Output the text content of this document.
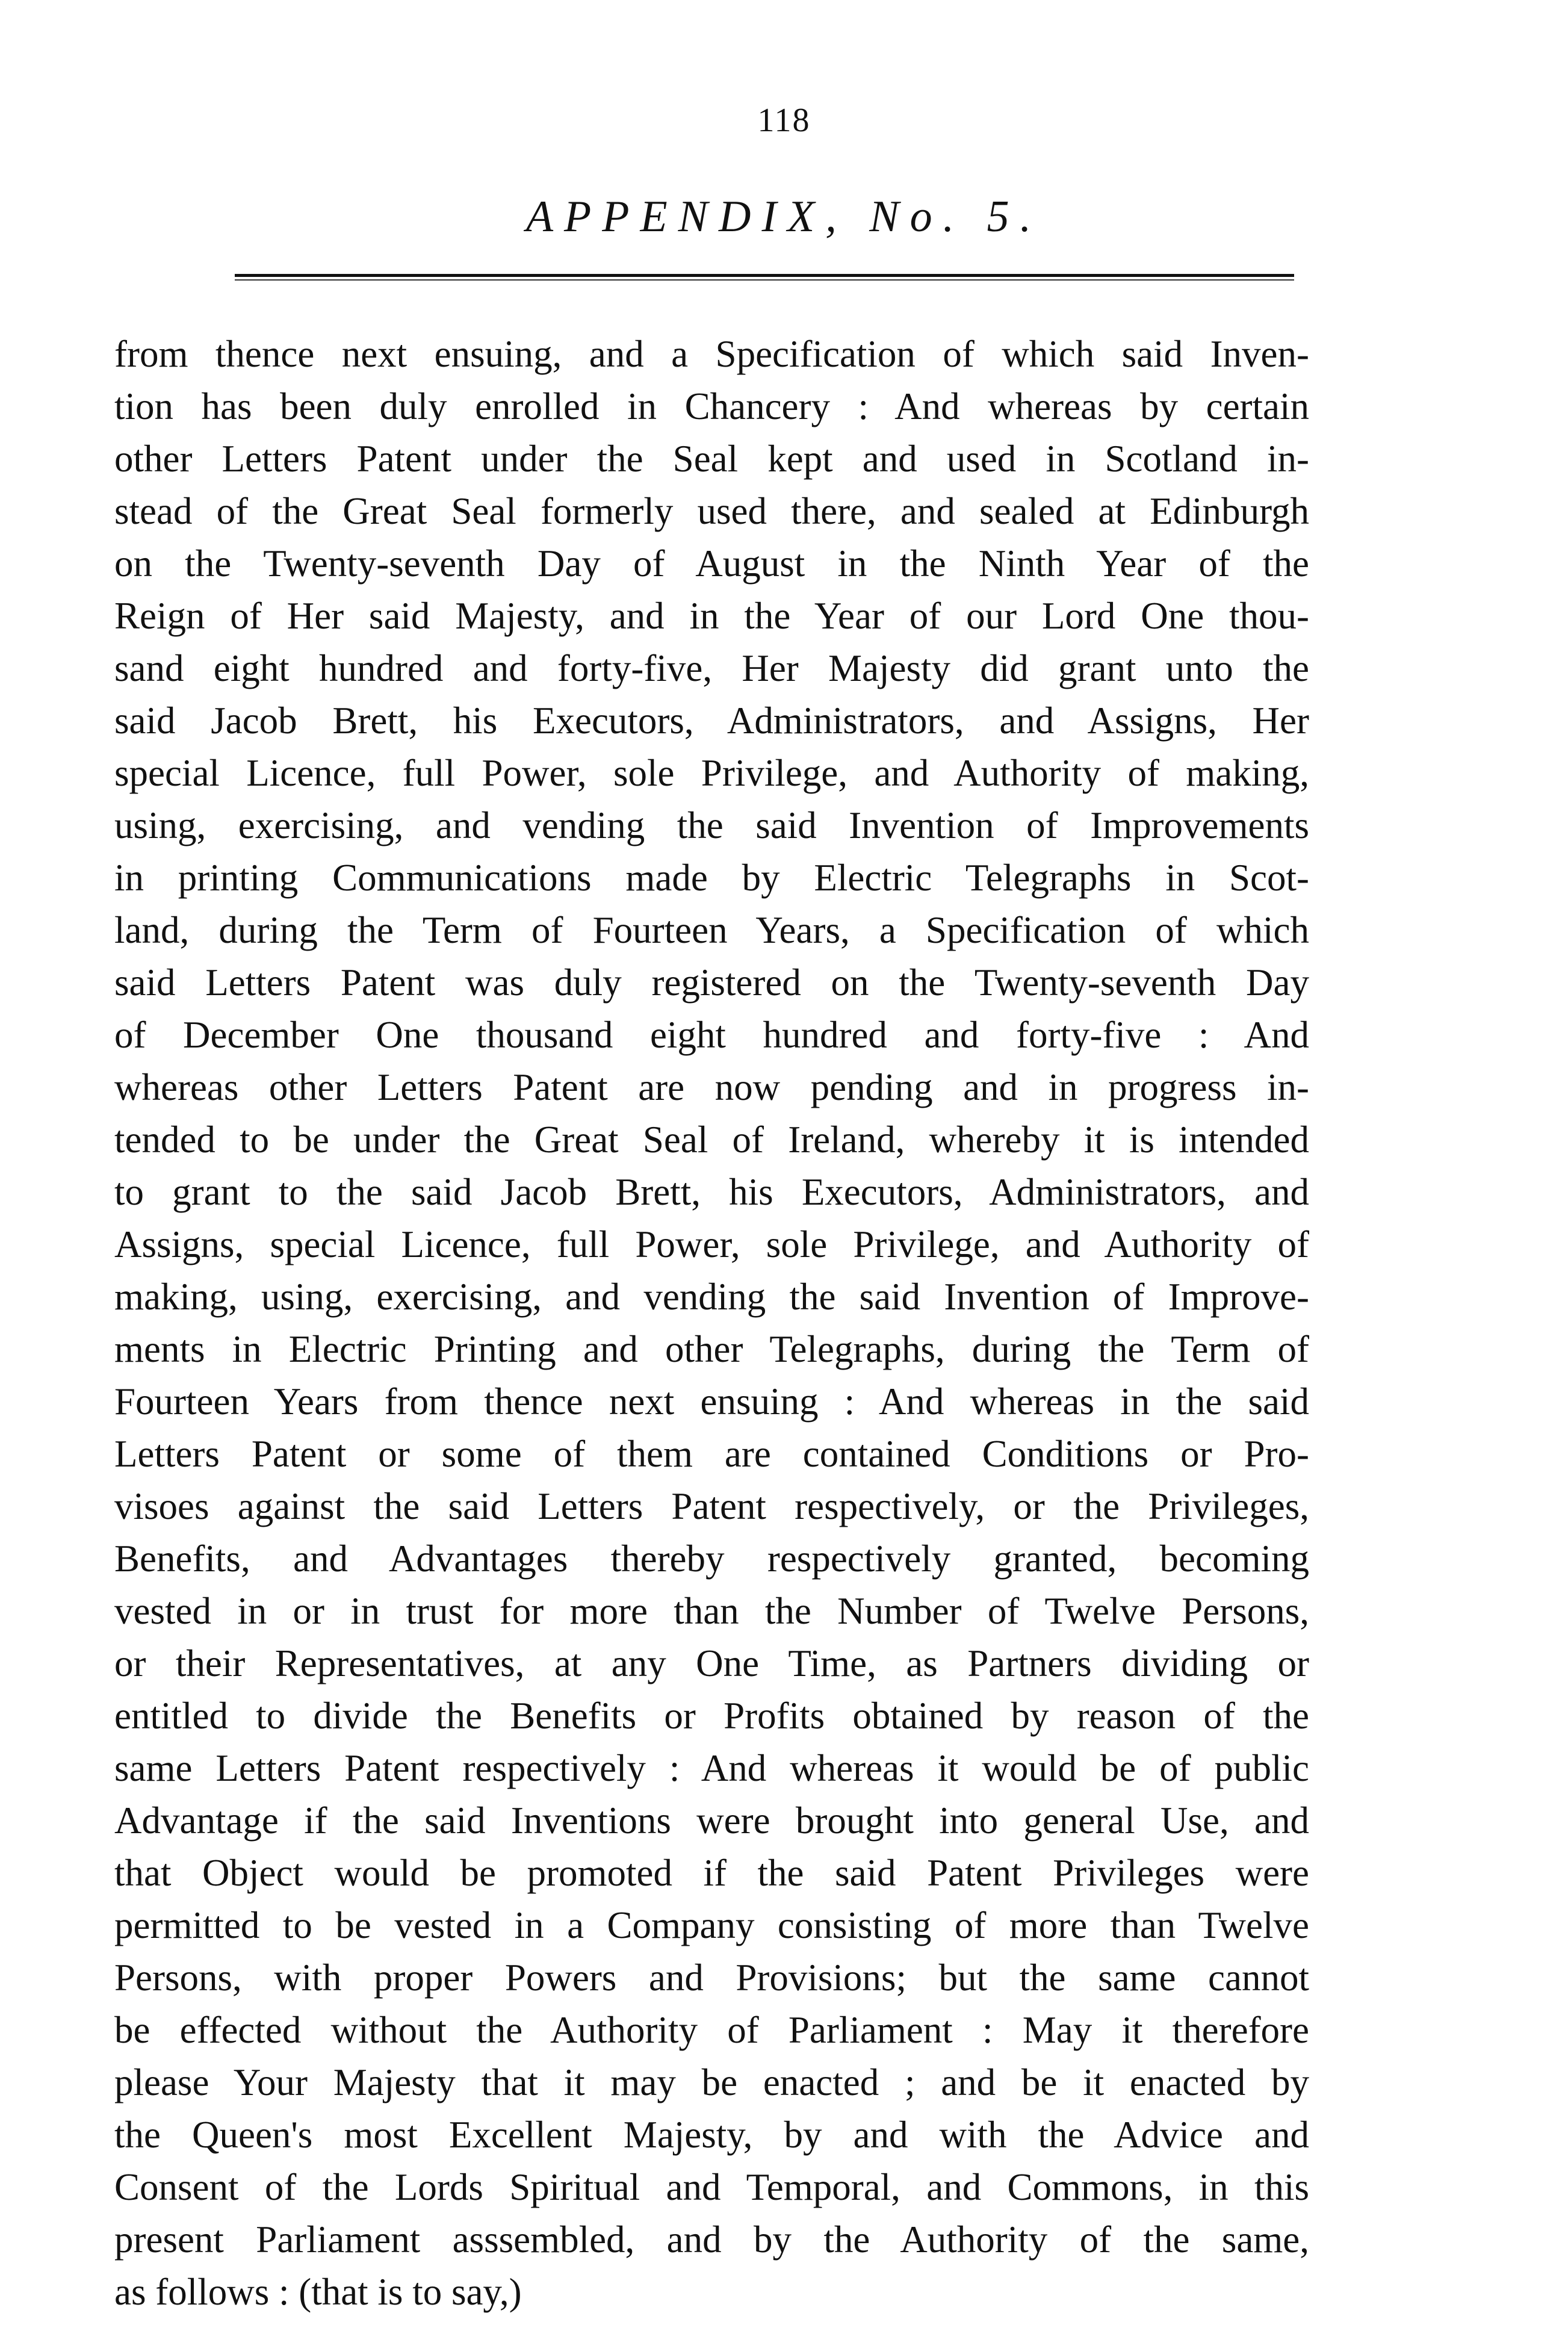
118
APPENDIX, No. 5.
from thence next ensuing, and a Specification of which said Inven-
tion has been duly enrolled in Chancery : And whereas by certain
other Letters Patent under the Seal kept and used in Scotland in-
stead of the Great Seal formerly used there, and sealed at Edinburgh
on the Twenty-seventh Day of August in the Ninth Year of the
Reign of Her said Majesty, and in the Year of our Lord One thou-
sand eight hundred and forty-five, Her Majesty did grant unto the
said Jacob Brett, his Executors, Administrators, and Assigns, Her
special Licence, full Power, sole Privilege, and Authority of making,
using, exercising, and vending the said Invention of Improvements
in printing Communications made by Electric Telegraphs in Scot-
land, during the Term of Fourteen Years, a Specification of which
said Letters Patent was duly registered on the Twenty-seventh Day
of December One thousand eight hundred and forty-five : And
whereas other Letters Patent are now pending and in progress in-
tended to be under the Great Seal of Ireland, whereby it is intended
to grant to the said Jacob Brett, his Executors, Administrators, and
Assigns, special Licence, full Power, sole Privilege, and Authority of
making, using, exercising, and vending the said Invention of Improve-
ments in Electric Printing and other Telegraphs, during the Term of
Fourteen Years from thence next ensuing : And whereas in the said
Letters Patent or some of them are contained Conditions or Pro-
visoes against the said Letters Patent respectively, or the Privileges,
Benefits, and Advantages thereby respectively granted, becoming
vested in or in trust for more than the Number of Twelve Persons,
or their Representatives, at any One Time, as Partners dividing or
entitled to divide the Benefits or Profits obtained by reason of the
same Letters Patent respectively : And whereas it would be of public
Advantage if the said Inventions were brought into general Use, and
that Object would be promoted if the said Patent Privileges were
permitted to be vested in a Company consisting of more than Twelve
Persons, with proper Powers and Provisions; but the same cannot
be effected without the Authority of Parliament : May it therefore
please Your Majesty that it may be enacted ; and be it enacted by
the Queen's most Excellent Majesty, by and with the Advice and
Consent of the Lords Spiritual and Temporal, and Commons, in this
present Parliament asssembled, and by the Authority of the same,
as follows : (that is to say,)
